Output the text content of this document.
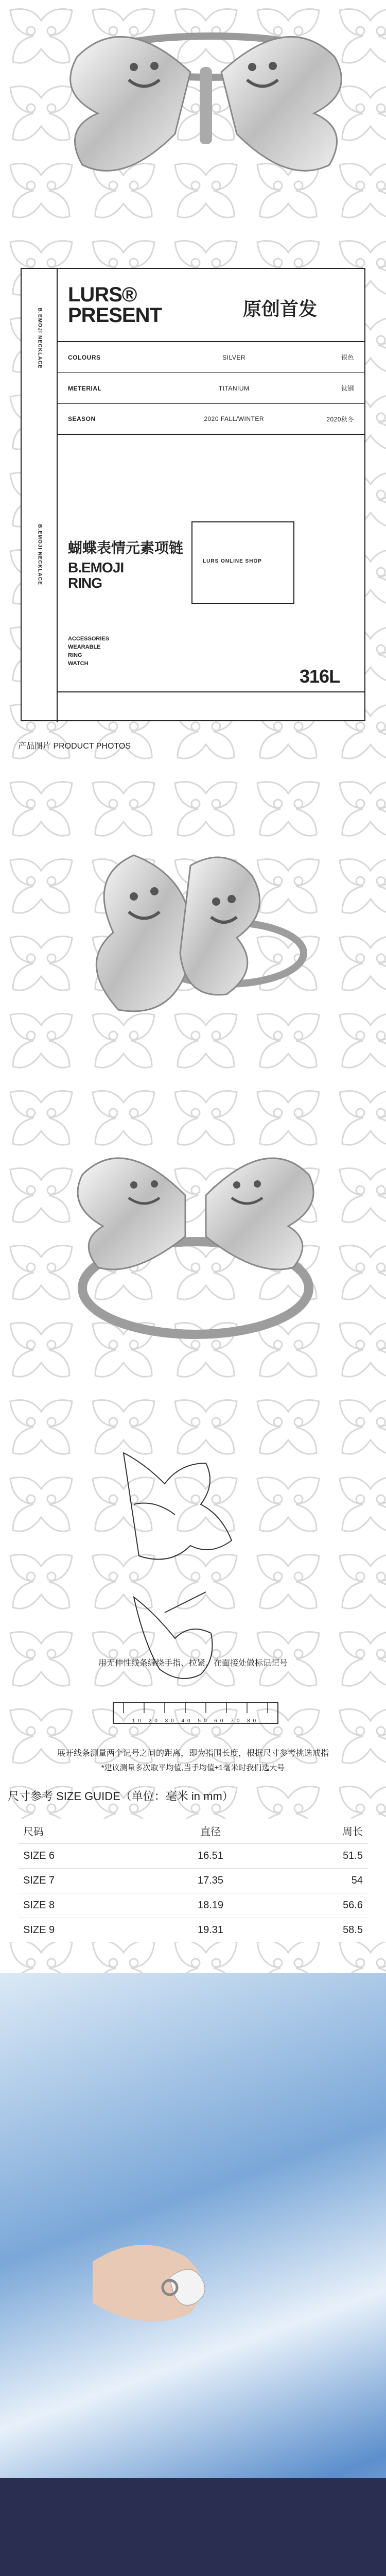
B.EMOJI NECKLACE
B.EMOJI NECKLACE
LURS®
PRESENT	原创首发
COLOURS	SILVER	银色
METERIAL	TITANIUM	钛钢
SEASON	2020 FALL/WINTER	2020秋冬
蝴蝶表情元素项链
B.EMOJI
RING
LURS ONLINE SHOP
ACCESSORIES
WEARABLE
RING
WATCH
316L
产品图片 PRODUCT PHOTOS
10 20 30 40 50 60 70 80
用无伸性线条缠绕手指、拉紧、在面接处做标记记号
展开线条测量两个记号之间的距离，即为指围长度，根据尺寸参考挑选戒指
*建议测量多次取平均值,当手均值±1毫米时我们选大号
尺寸参考 SIZE GUIDE（单位：毫米 in mm）
尺码	直径	周长
SIZE 6	16.51	51.5
SIZE 7	17.35	54
SIZE 8	18.19	56.6
SIZE 9	19.31	58.5
